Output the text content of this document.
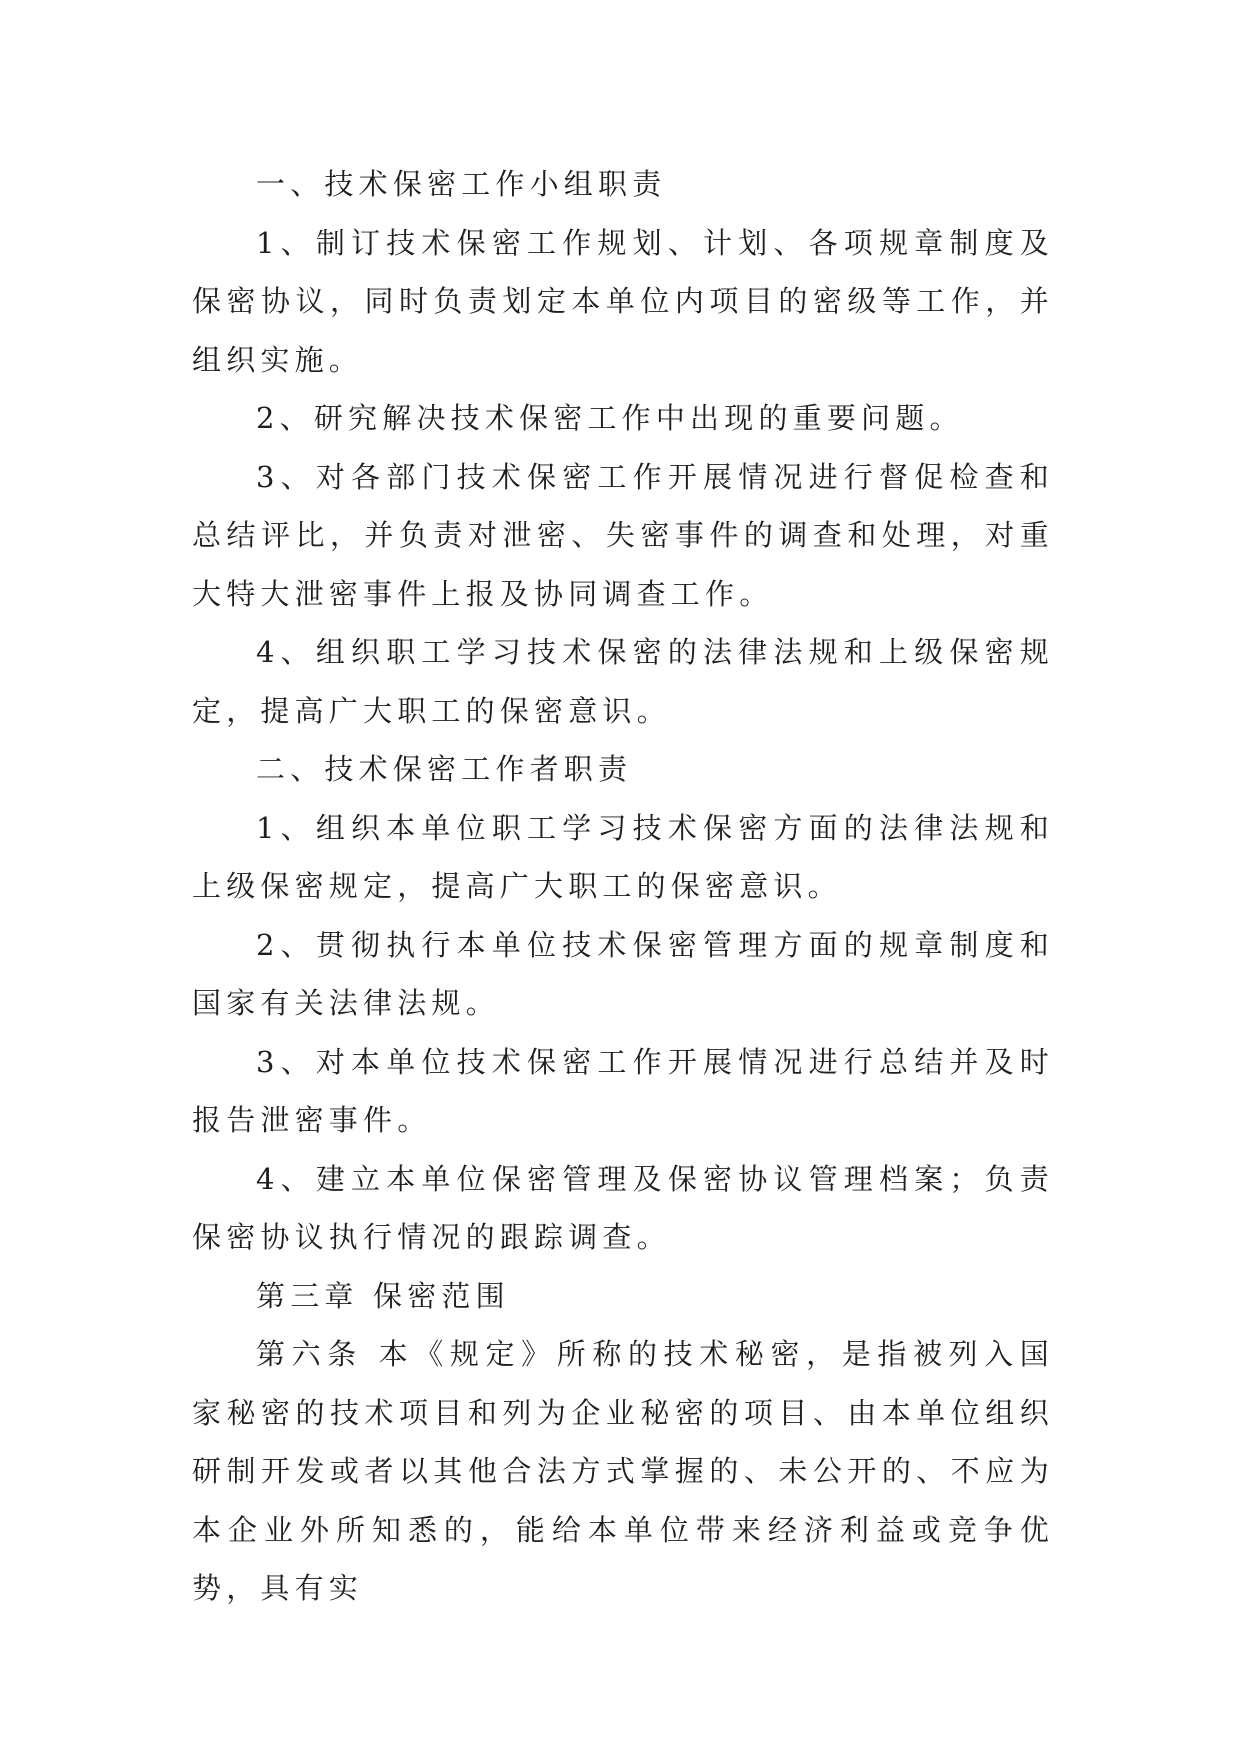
一、技术保密工作小组职责

1、制订技术保密工作规划、计划、各项规章制度及保密协议，同时负责划定本单位内项目的密级等工作，并组织实施。

2、研究解决技术保密工作中出现的重要问题。

3、对各部门技术保密工作开展情况进行督促检查和总结评比，并负责对泄密、失密事件的调查和处理，对重大特大泄密事件上报及协同调查工作。

4、组织职工学习技术保密的法律法规和上级保密规定，提高广大职工的保密意识。

二、技术保密工作者职责

1、组织本单位职工学习技术保密方面的法律法规和上级保密规定，提高广大职工的保密意识。

2、贯彻执行本单位技术保密管理方面的规章制度和国家有关法律法规。

3、对本单位技术保密工作开展情况进行总结并及时报告泄密事件。

4、建立本单位保密管理及保密协议管理档案；负责保密协议执行情况的跟踪调查。

第三章 保密范围

第六条 本《规定》所称的技术秘密，是指被列入国家秘密的技术项目和列为企业秘密的项目、由本单位组织研制开发或者以其他合法方式掌握的、未公开的、不应为本企业外所知悉的，能给本单位带来经济利益或竞争优势，具有实
